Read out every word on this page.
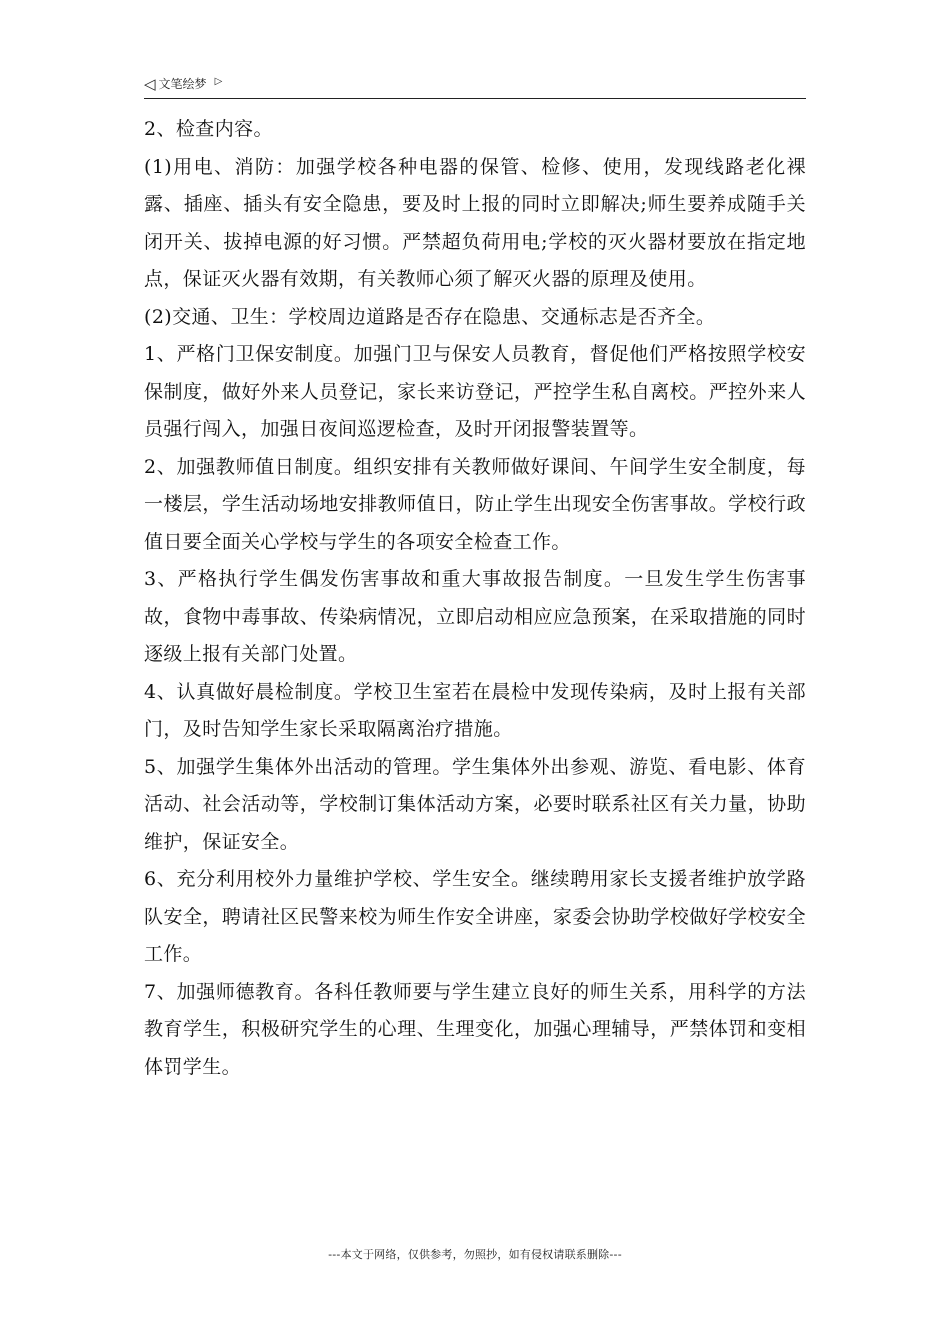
◁ 文笔绘梦 ▷

2、检查内容。

(1)用电、消防：加强学校各种电器的保管、检修、使用，发现线路老化裸露、插座、插头有安全隐患，要及时上报的同时立即解决;师生要养成随手关闭开关、拔掉电源的好习惯。严禁超负荷用电;学校的灭火器材要放在指定地点，保证灭火器有效期，有关教师心须了解灭火器的原理及使用。

(2)交通、卫生：学校周边道路是否存在隐患、交通标志是否齐全。

1、严格门卫保安制度。加强门卫与保安人员教育，督促他们严格按照学校安保制度，做好外来人员登记，家长来访登记，严控学生私自离校。严控外来人员强行闯入，加强日夜间巡逻检查，及时开闭报警装置等。

2、加强教师值日制度。组织安排有关教师做好课间、午间学生安全制度，每一楼层，学生活动场地安排教师值日，防止学生出现安全伤害事故。学校行政值日要全面关心学校与学生的各项安全检查工作。

3、严格执行学生偶发伤害事故和重大事故报告制度。一旦发生学生伤害事故，食物中毒事故、传染病情况，立即启动相应应急预案，在采取措施的同时逐级上报有关部门处置。

4、认真做好晨检制度。学校卫生室若在晨检中发现传染病，及时上报有关部门，及时告知学生家长采取隔离治疗措施。

5、加强学生集体外出活动的管理。学生集体外出参观、游览、看电影、体育活动、社会活动等，学校制订集体活动方案，必要时联系社区有关力量，协助维护，保证安全。

6、充分利用校外力量维护学校、学生安全。继续聘用家长支援者维护放学路队安全，聘请社区民警来校为师生作安全讲座，家委会协助学校做好学校安全工作。

7、加强师德教育。各科任教师要与学生建立良好的师生关系，用科学的方法教育学生，积极研究学生的心理、生理变化，加强心理辅导，严禁体罚和变相体罚学生。

---本文于网络，仅供参考，勿照抄，如有侵权请联系删除---
